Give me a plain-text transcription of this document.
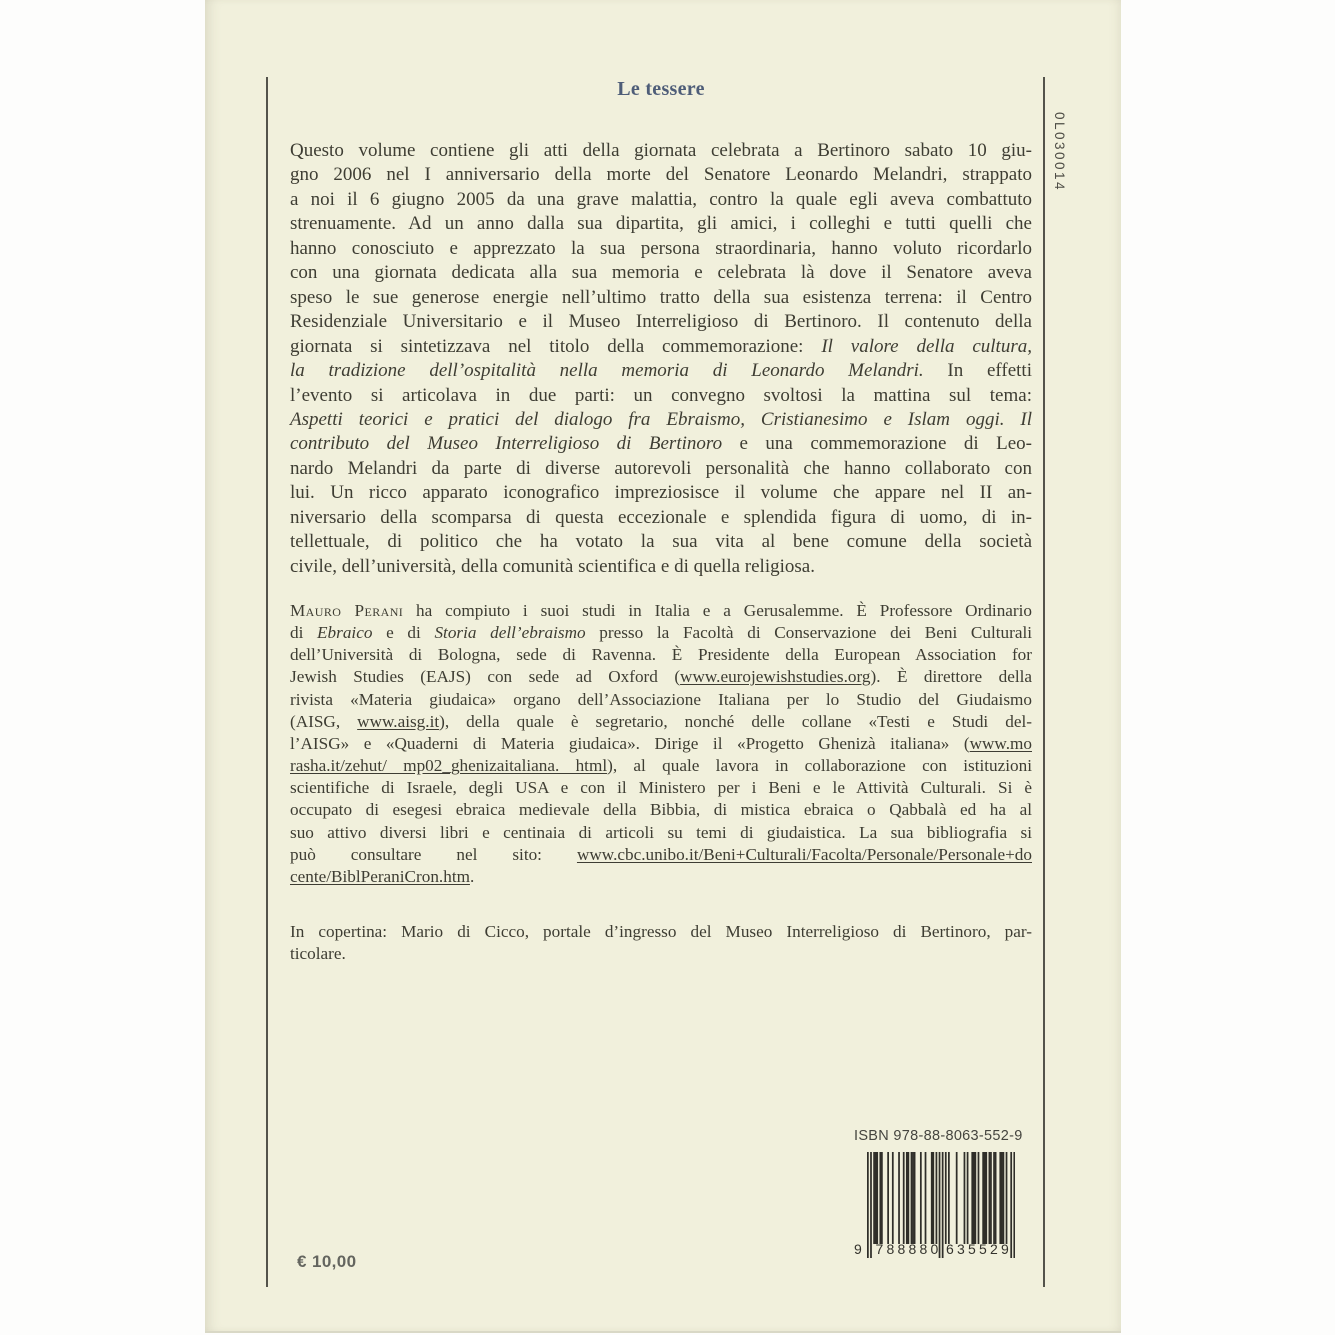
0L030014
Le tessere
Questo volume contiene gli atti della giornata celebrata a Bertinoro sabato 10 giu-
gno 2006 nel I anniversario della morte del Senatore Leonardo Melandri, strappato
a noi il 6 giugno 2005 da una grave malattia, contro la quale egli aveva combattuto
strenuamente. Ad un anno dalla sua dipartita, gli amici, i colleghi e tutti quelli che
hanno conosciuto e apprezzato la sua persona straordinaria, hanno voluto ricordarlo
con una giornata dedicata alla sua memoria e celebrata là dove il Senatore aveva
speso le sue generose energie nell’ultimo tratto della sua esistenza terrena: il Centro
Residenziale Universitario e il Museo Interreligioso di Bertinoro. Il contenuto della
giornata si sintetizzava nel titolo della commemorazione: Il valore della cultura,
la tradizione dell’ospitalità nella memoria di Leonardo Melandri. In effetti
l’evento si articolava in due parti: un convegno svoltosi la mattina sul tema:
Aspetti teorici e pratici del dialogo fra Ebraismo, Cristianesimo e Islam oggi. Il
contributo del Museo Interreligioso di Bertinoro e una commemorazione di Leo-
nardo Melandri da parte di diverse autorevoli personalità che hanno collaborato con
lui. Un ricco apparato iconografico impreziosisce il volume che appare nel II an-
niversario della scomparsa di questa eccezionale e splendida figura di uomo, di in-
tellettuale, di politico che ha votato la sua vita al bene comune della società
civile, dell’università, della comunità scientifica e di quella religiosa.
Mauro Perani ha compiuto i suoi studi in Italia e a Gerusalemme. È Professore Ordinario
di Ebraico e di Storia dell’ebraismo presso la Facoltà di Conservazione dei Beni Culturali
dell’Università di Bologna, sede di Ravenna. È Presidente della European Association for
Jewish Studies (EAJS) con sede ad Oxford (www.eurojewishstudies.org). È direttore della
rivista «Materia giudaica» organo dell’Associazione Italiana per lo Studio del Giudaismo
(AISG, www.aisg.it), della quale è segretario, nonché delle collane «Testi e Studi del-
l’AISG» e «Quaderni di Materia giudaica». Dirige il «Progetto Ghenizà italiana» (www.mo
rasha.it/zehut/ mp02_ghenizaitaliana. html), al quale lavora in collaborazione con istituzioni
scientifiche di Israele, degli USA e con il Ministero per i Beni e le Attività Culturali. Si è
occupato di esegesi ebraica medievale della Bibbia, di mistica ebraica o Qabbalà ed ha al
suo attivo diversi libri e centinaia di articoli su temi di giudaistica. La sua bibliografia si
può consultare nel sito: www.cbc.unibo.it/Beni+Culturali/Facolta/Personale/Personale+do
cente/BiblPeraniCron.htm.
In copertina: Mario di Cicco, portale d’ingresso del Museo Interreligioso di Bertinoro, par-
ticolare.
€ 10,00
ISBN 978-88-8063-552-9
9 788880 635529
